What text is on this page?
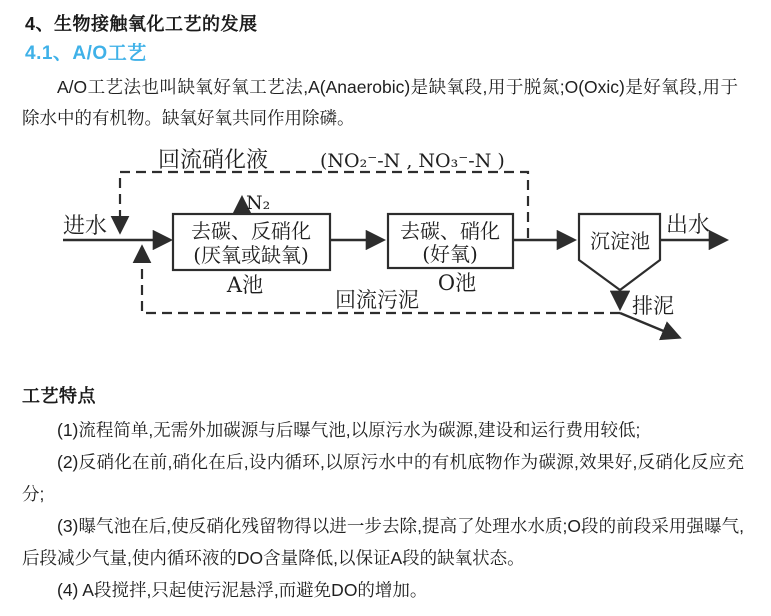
4、生物接触氧化工艺的发展
4.1、A/O工艺

A/O工艺法也叫缺氧好氧工艺法,A(Anaerobic)是缺氧段,用于脱氮;O(Oxic)是好氧段,用于除水中的有机物。缺氧好氧共同作用除磷。

进水	出水
回流硝化液	(NO₂⁻-N , NO₃⁻-N )
N₂
去碳、反硝化
(厌氧或缺氧)
A池
去碳、硝化
(好氧)
O池
沉淀池
回流污泥	排泥
工艺特点

(1)流程简单,无需外加碳源与后曝气池,以原污水为碳源,建设和运行费用较低;

(2)反硝化在前,硝化在后,设内循环,以原污水中的有机底物作为碳源,效果好,反硝化反应充分;

(3)曝气池在后,使反硝化残留物得以进一步去除,提高了处理水水质;O段的前段采用强曝气,后段减少气量,使内循环液的DO含量降低,以保证A段的缺氧状态。

(4) A段搅拌,只起使污泥悬浮,而避免DO的增加。
